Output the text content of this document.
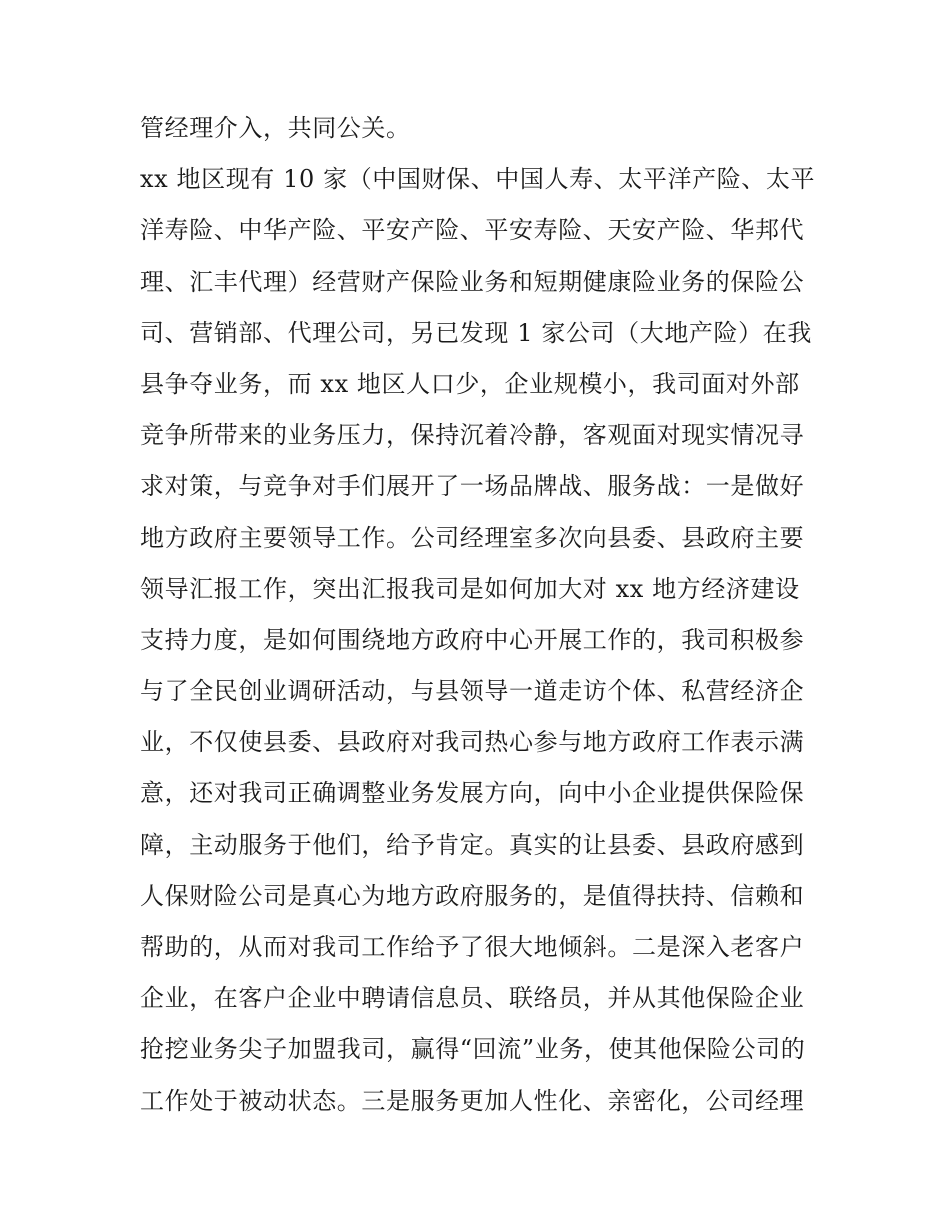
管经理介入，共同公关。
xx 地区现有 10 家（中国财保、中国人寿、太平洋产险、太平
洋寿险、中华产险、平安产险、平安寿险、天安产险、华邦代
理、汇丰代理）经营财产保险业务和短期健康险业务的保险公
司、营销部、代理公司，另已发现 1 家公司（大地产险）在我
县争夺业务，而 xx 地区人口少，企业规模小，我司面对外部
竞争所带来的业务压力，保持沉着冷静，客观面对现实情况寻
求对策，与竞争对手们展开了一场品牌战、服务战：一是做好
地方政府主要领导工作。公司经理室多次向县委、县政府主要
领导汇报工作，突出汇报我司是如何加大对 xx 地方经济建设
支持力度，是如何围绕地方政府中心开展工作的，我司积极参
与了全民创业调研活动，与县领导一道走访个体、私营经济企
业，不仅使县委、县政府对我司热心参与地方政府工作表示满
意，还对我司正确调整业务发展方向，向中小企业提供保险保
障，主动服务于他们，给予肯定。真实的让县委、县政府感到
人保财险公司是真心为地方政府服务的，是值得扶持、信赖和
帮助的，从而对我司工作给予了很大地倾斜。二是深入老客户
企业，在客户企业中聘请信息员、联络员，并从其他保险企业
抢挖业务尖子加盟我司，赢得“回流”业务，使其他保险公司的
工作处于被动状态。三是服务更加人性化、亲密化，公司经理
